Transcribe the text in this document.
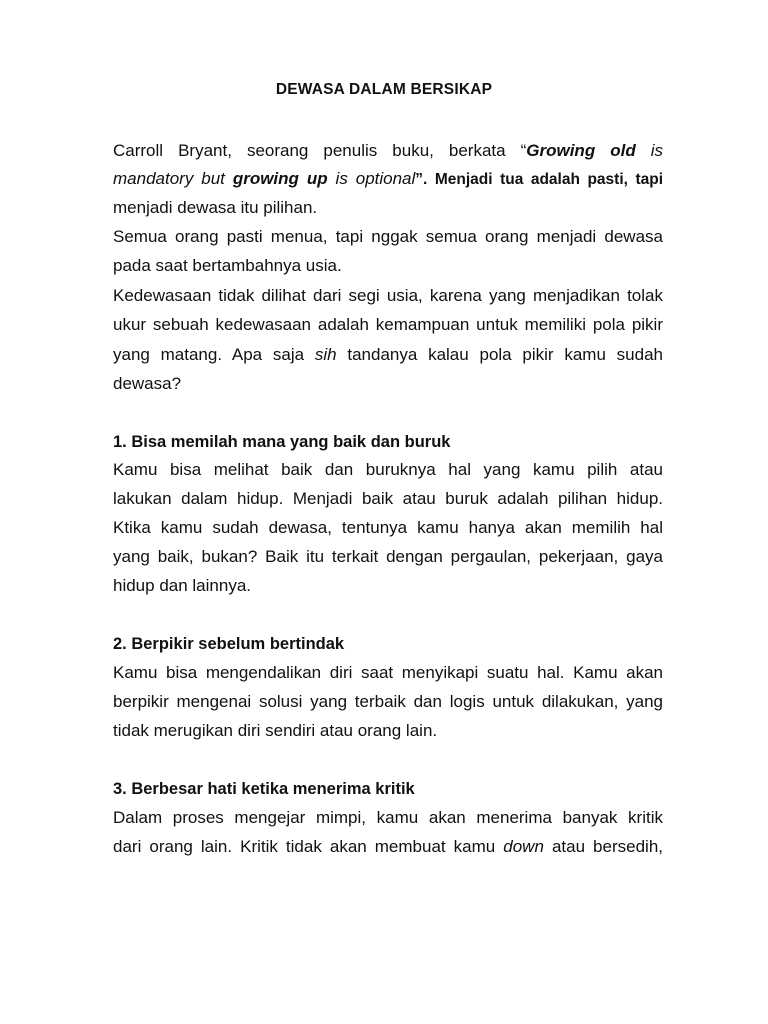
DEWASA DALAM BERSIKAP

Carroll Bryant, seorang penulis buku, berkata “Growing old is

mandatory but growing up is optional”. Menjadi tua adalah pasti, tapi

menjadi dewasa itu pilihan.

Semua orang pasti menua, tapi nggak semua orang menjadi dewasa

pada saat bertambahnya usia.

Kedewasaan tidak dilihat dari segi usia, karena yang menjadikan tolak

ukur sebuah kedewasaan adalah kemampuan untuk memiliki pola pikir

yang matang. Apa saja sih tandanya kalau pola pikir kamu sudah

dewasa?

1. Bisa memilah mana yang baik dan buruk

Kamu bisa melihat baik dan buruknya hal yang kamu pilih atau

lakukan dalam hidup. Menjadi baik atau buruk adalah pilihan hidup.

Ktika kamu sudah dewasa, tentunya kamu hanya akan memilih hal

yang baik, bukan? Baik itu terkait dengan pergaulan, pekerjaan, gaya

hidup dan lainnya.

2. Berpikir sebelum bertindak

Kamu bisa mengendalikan diri saat menyikapi suatu hal. Kamu akan

berpikir mengenai solusi yang terbaik dan logis untuk dilakukan, yang

tidak merugikan diri sendiri atau orang lain.

3. Berbesar hati ketika menerima kritik

Dalam proses mengejar mimpi, kamu akan menerima banyak kritik

dari orang lain. Kritik tidak akan membuat kamu down atau bersedih,
